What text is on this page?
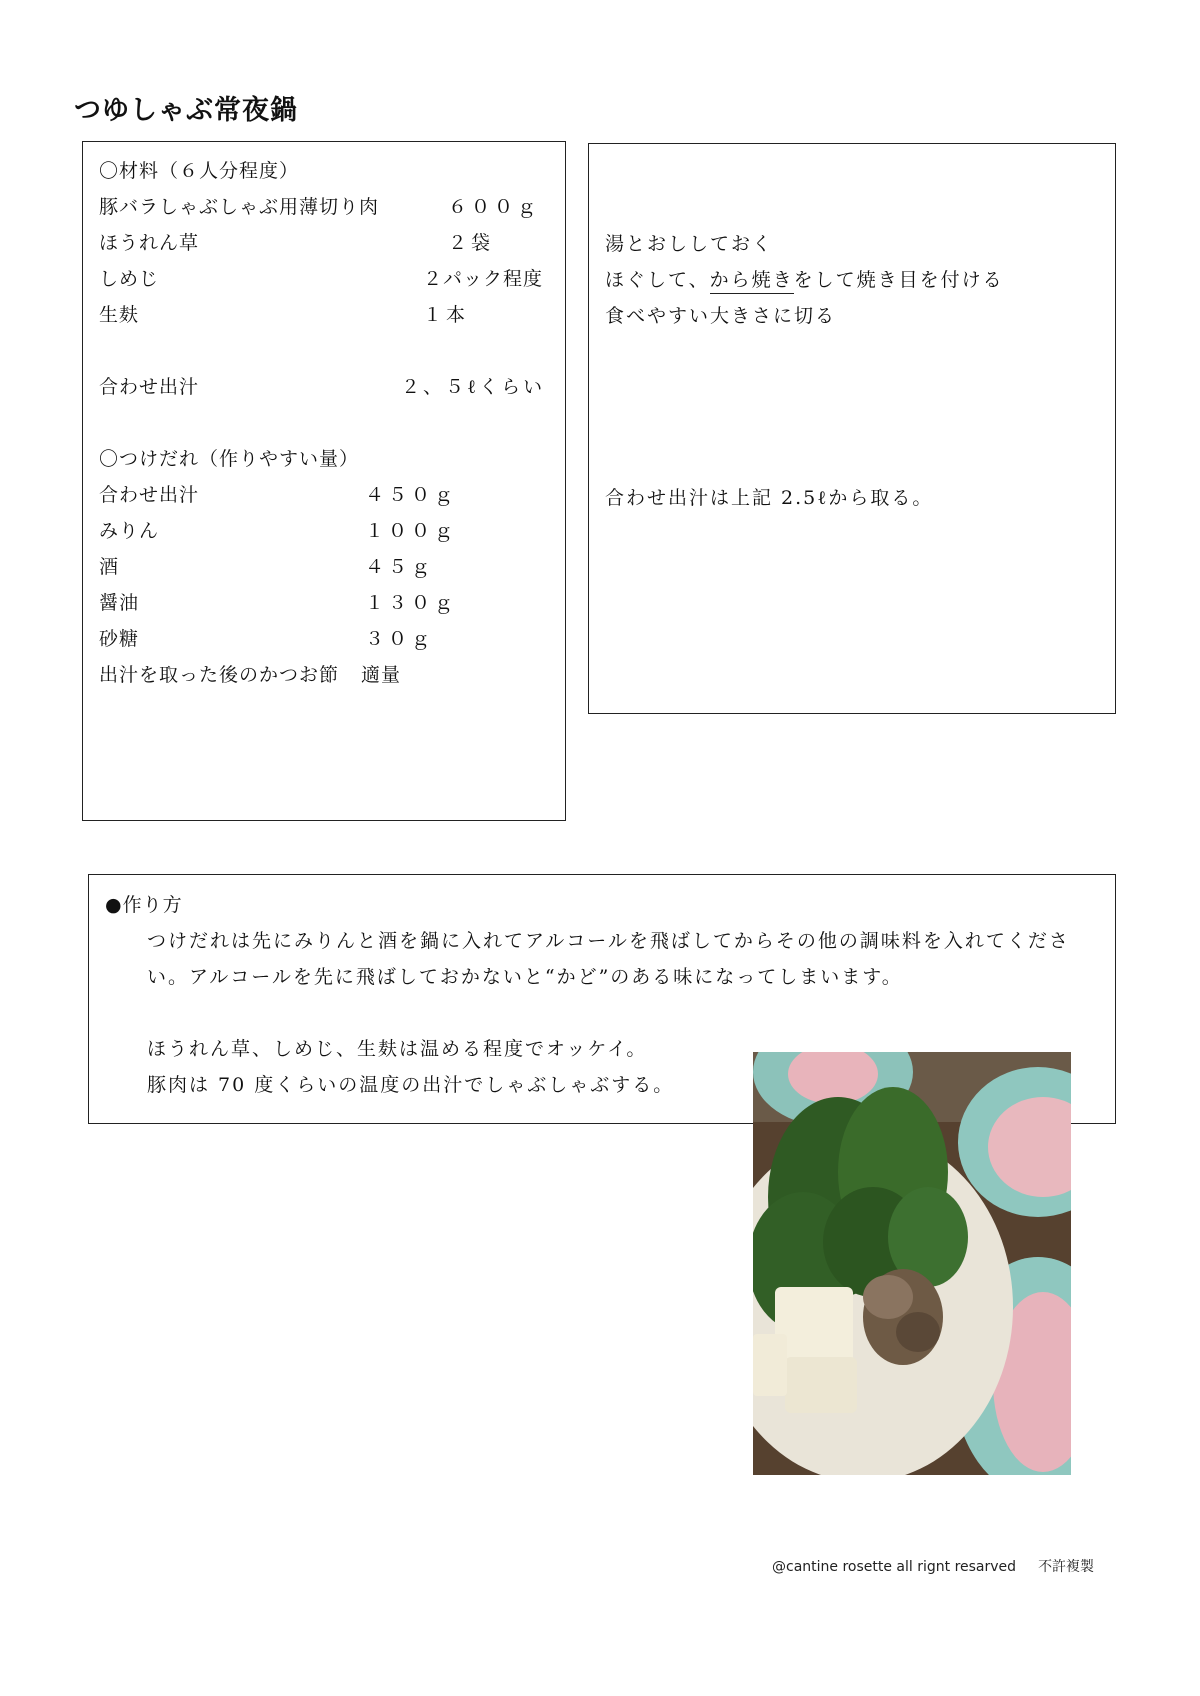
つゆしゃぶ常夜鍋
〇材料（６人分程度）
豚バラしゃぶしゃぶ用薄切り肉	６００ｇ
ほうれん草	２袋
しめじ	２パック程度
生麸	１本
合わせ出汁	２、５ℓくらい
〇つけだれ（作りやすい量）
合わせ出汁	４５０ｇ
みりん	１００ｇ
酒	４５ｇ
醤油	１３０ｇ
砂糖	３０ｇ
出汁を取った後のかつお節 適量
湯とおししておく
ほぐして、から焼きをして焼き目を付ける
食べやすい大きさに切る
合わせ出汁は上記 2.5ℓから取る。
●作り方
つけだれは先にみりんと酒を鍋に入れてアルコールを飛ばしてからその他の調味料を入れてくださ
い。アルコールを先に飛ばしておかないと“かど”のある味になってしまいます。
ほうれん草、しめじ、生麸は温める程度でオッケイ。
豚肉は 70 度くらいの温度の出汁でしゃぶしゃぶする。
@cantine rosette all rignt resarved 不許複製
